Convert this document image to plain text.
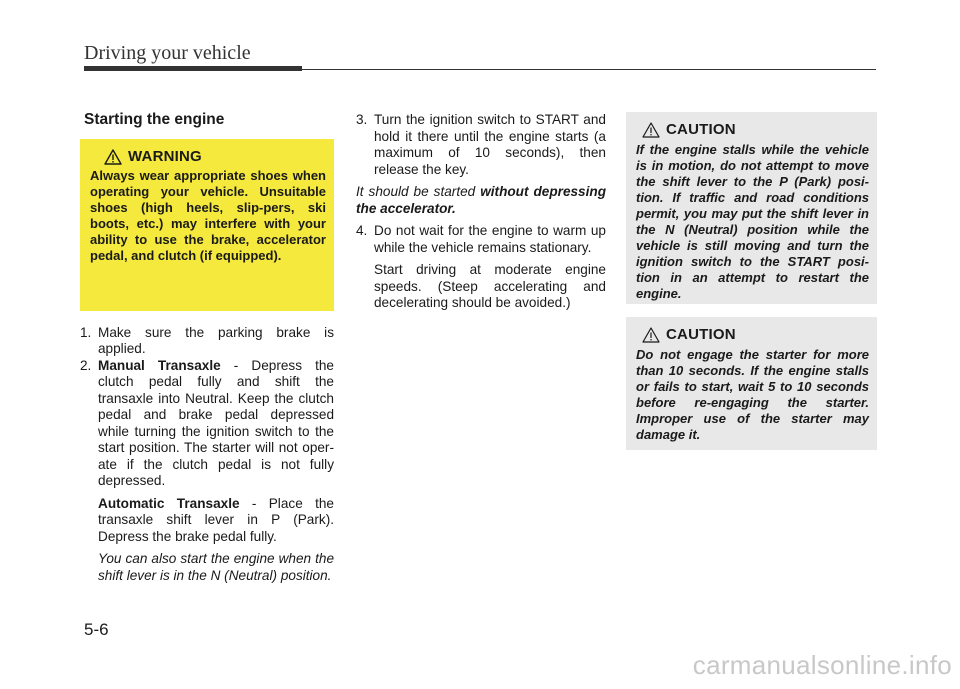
Driving your vehicle
Starting the engine
WARNING
Always wear appropriate shoes when operating your vehicle. Unsuitable shoes (high heels, slip-pers, ski boots, etc.) may interfere with your ability to use the brake, accelerator pedal, and clutch (if equipped).
1. Make sure the parking brake is applied.
2. Manual Transaxle - Depress the clutch pedal fully and shift the transaxle into Neutral. Keep the clutch pedal and brake pedal depressed while turning the ignition switch to the start position. The starter will not oper-ate if the clutch pedal is not fully depressed.
Automatic Transaxle - Place the transaxle shift lever in P (Park). Depress the brake pedal fully.
You can also start the engine when the shift lever is in the N (Neutral) position.
3. Turn the ignition switch to START and hold it there until the engine starts (a maximum of 10 seconds), then release the key.
It should be started without depressing the accelerator.
4. Do not wait for the engine to warm up while the vehicle remains stationary.
Start driving at moderate engine speeds. (Steep accelerating and decelerating should be avoided.)
CAUTION
If the engine stalls while the vehicle is in motion, do not attempt to move the shift lever to the P (Park) posi-tion. If traffic and road conditions permit, you may put the shift lever in the N (Neutral) position while the vehicle is still moving and turn the ignition switch to the START posi-tion in an attempt to restart the engine.
CAUTION
Do not engage the starter for more than 10 seconds. If the engine stalls or fails to start, wait 5 to 10 seconds before re-engaging the starter. Improper use of the starter may damage it.
5-6
carmanualsonline.info
